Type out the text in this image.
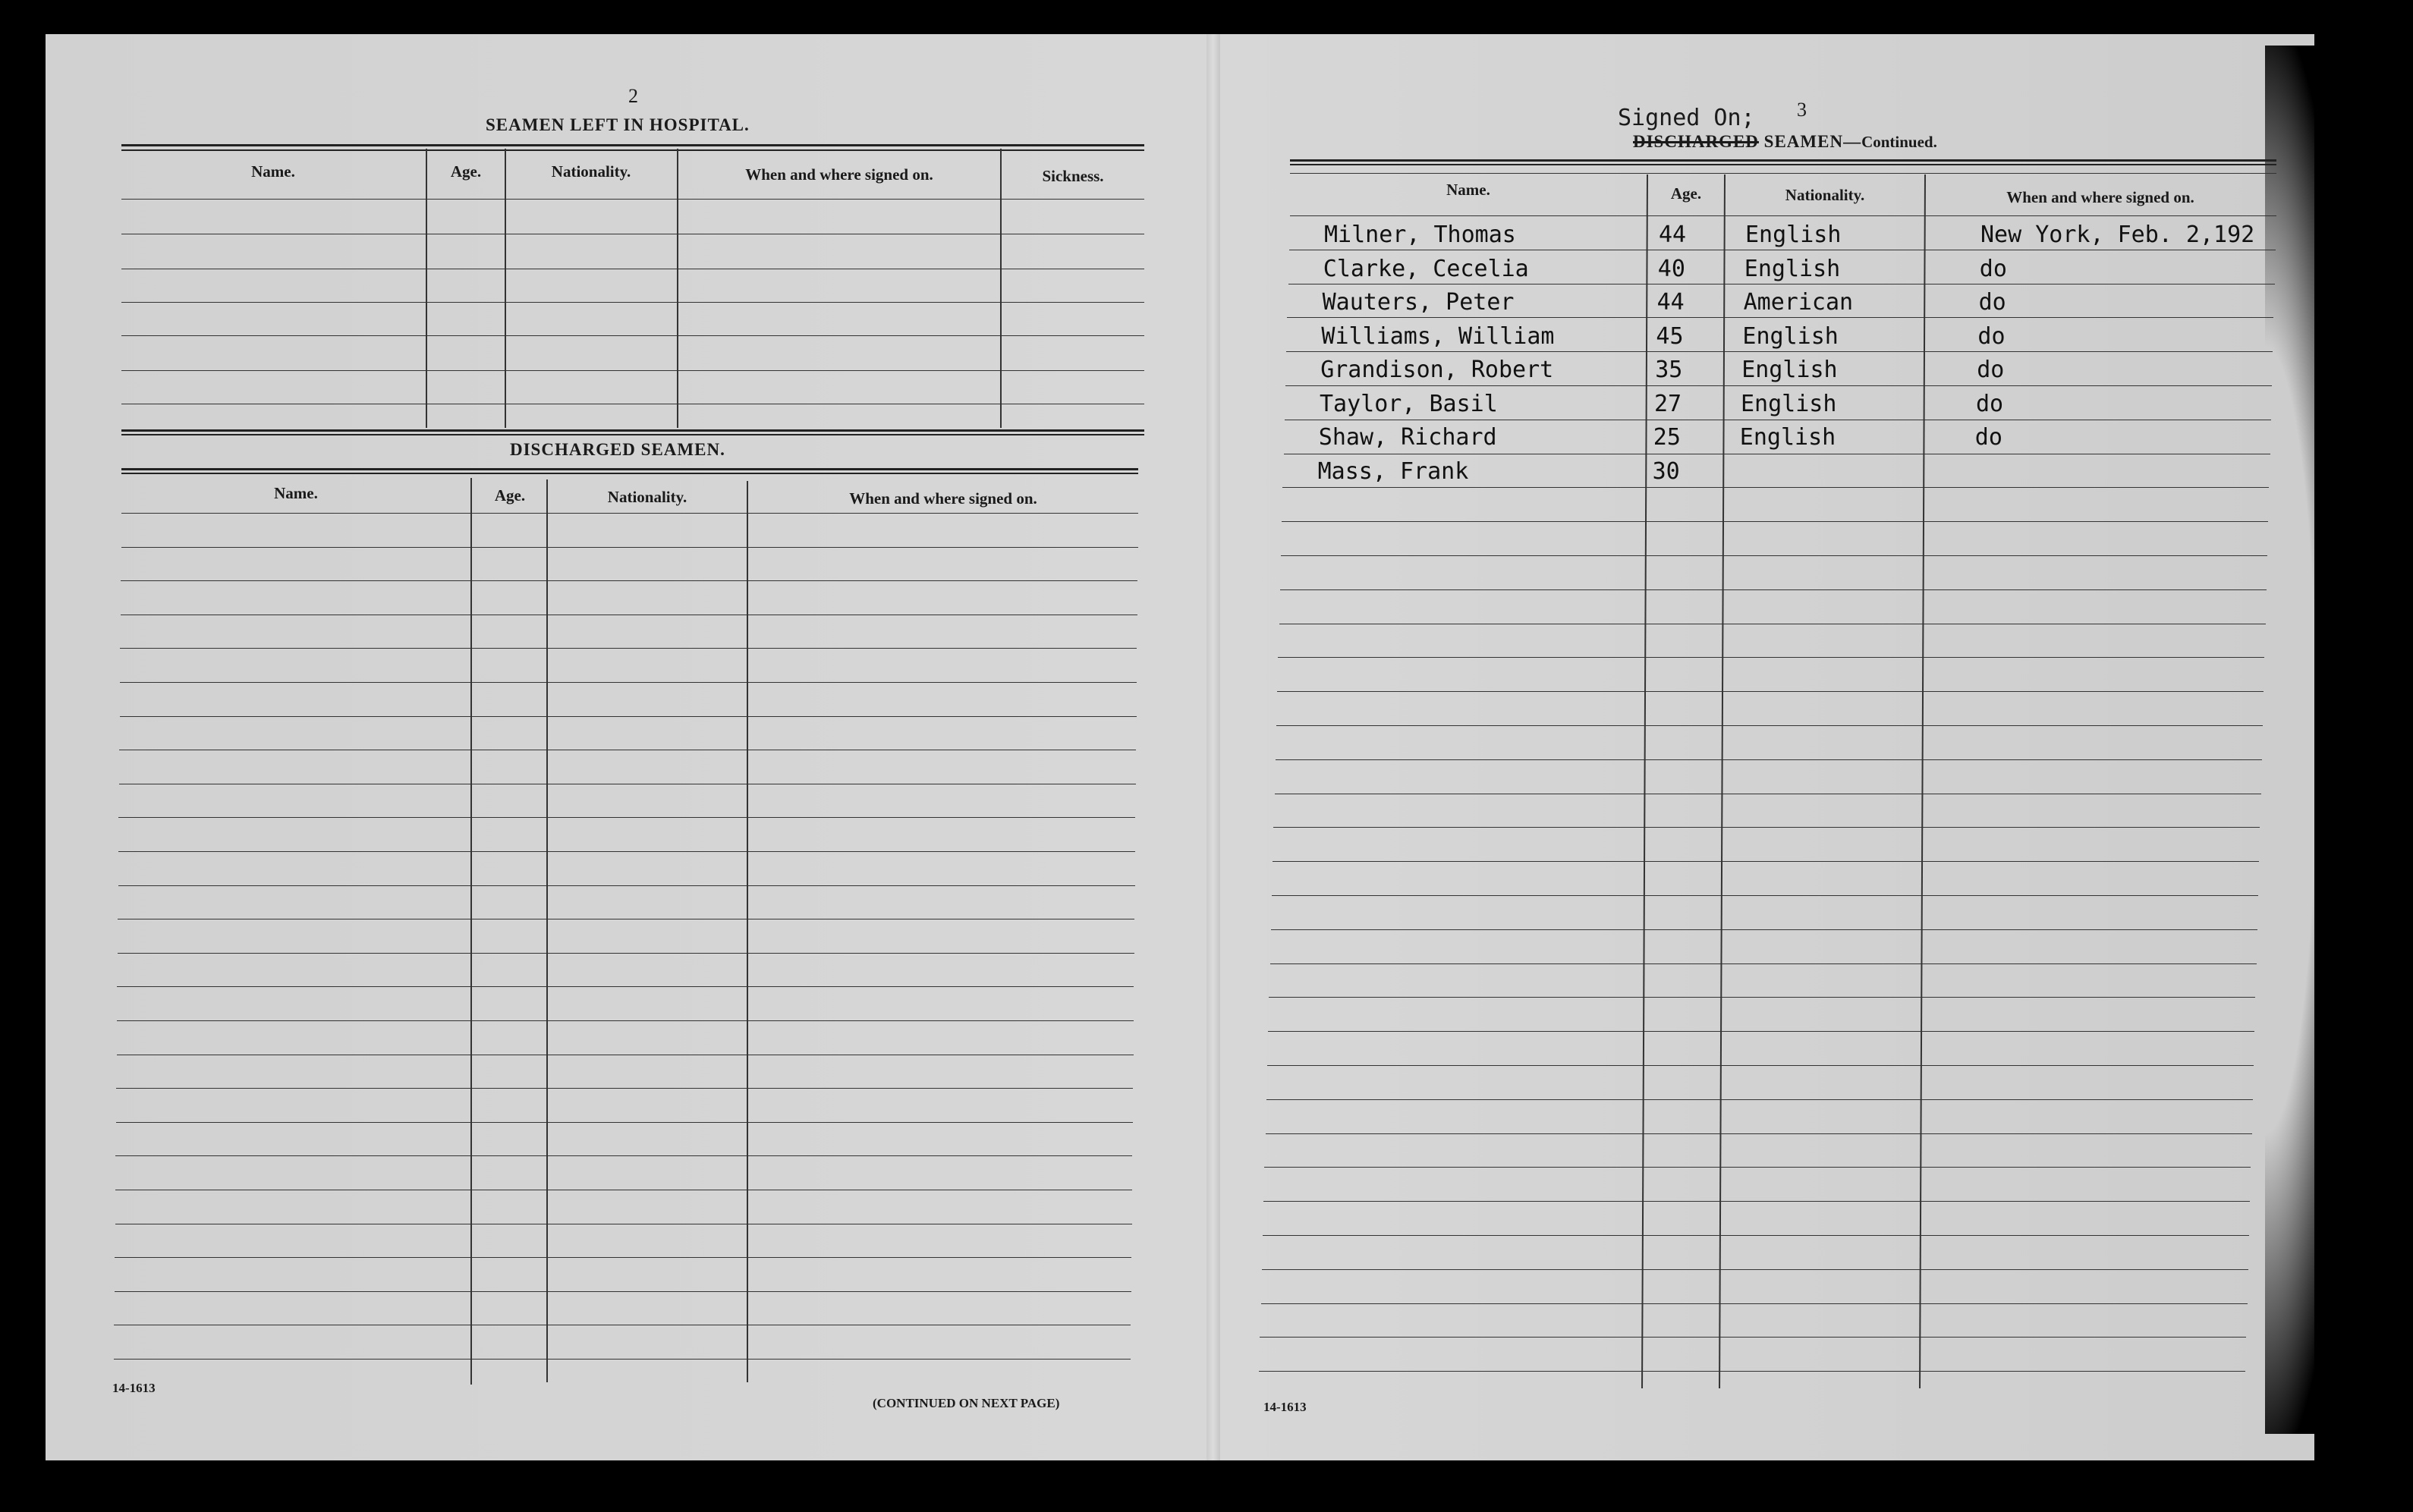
2
SEAMEN LEFT IN HOSPITAL.
Name.	Age.	Nationality.	When and where signed on.	Sickness.
DISCHARGED SEAMEN.
Name.	Age.	Nationality.	When and where signed on.
14-1613
(CONTINUED ON NEXT PAGE)
Signed On; 3
DISCHARGED SEAMEN—Continued.
Name.	Age.	Nationality.	When and where signed on.
Milner, Thomas	44	English	New York, Feb. 2,192
Clarke, Cecelia	40	English	do
Wauters, Peter	44	American	do
Williams, William	45	English	do
Grandison, Robert	35	English	do
Taylor, Basil	27	English	do
Shaw, Richard	25	English	do
Mass, Frank	30
14-1613
